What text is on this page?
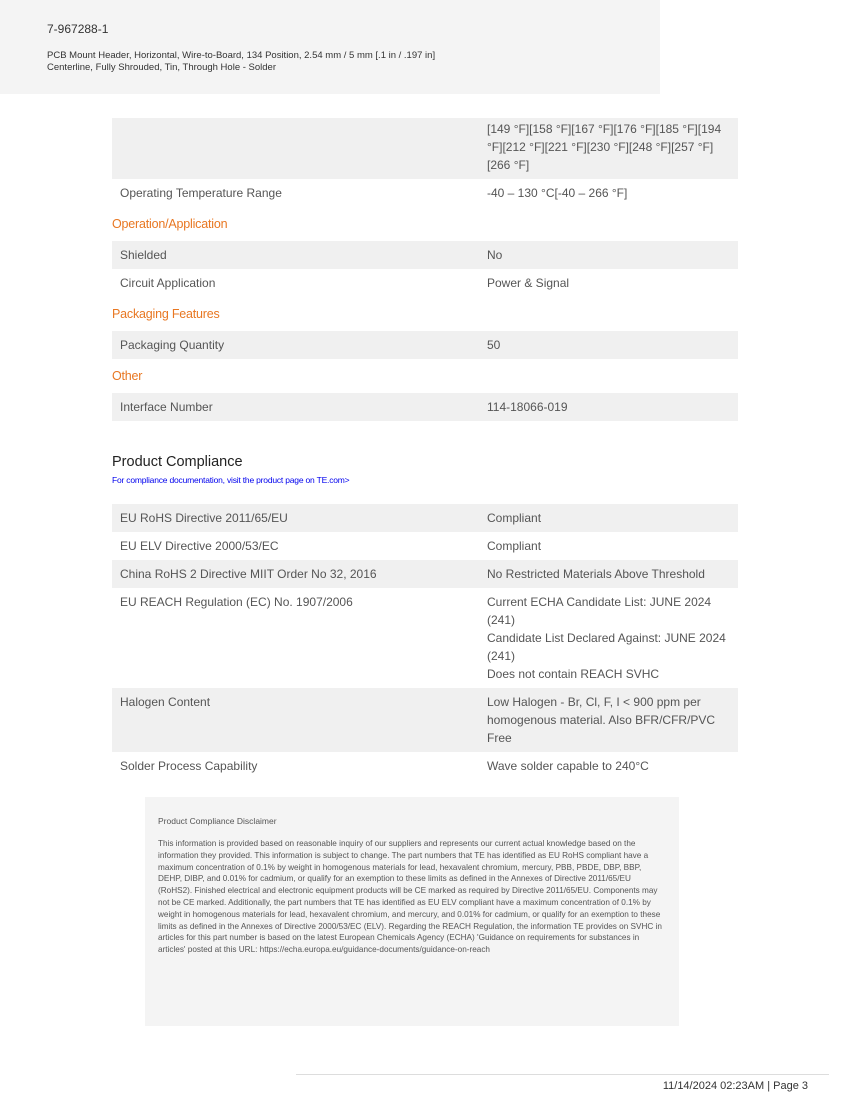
7-967288-1
PCB Mount Header, Horizontal, Wire-to-Board, 134 Position, 2.54 mm / 5 mm [.1 in / .197 in] Centerline, Fully Shrouded, Tin, Through Hole - Solder
[149 °F][158 °F][167 °F][176 °F][185 °F][194 °F][212 °F][221 °F][230 °F][248 °F][257 °F][266 °F]
Operating Temperature Range	-40 – 130 °C[-40 – 266 °F]
Operation/Application
Shielded	No
Circuit Application	Power & Signal
Packaging Features
Packaging Quantity	50
Other
Interface Number	114-18066-019
Product Compliance
For compliance documentation, visit the product page on TE.com>
EU RoHS Directive 2011/65/EU	Compliant
EU ELV Directive 2000/53/EC	Compliant
China RoHS 2 Directive MIIT Order No 32, 2016	No Restricted Materials Above Threshold
EU REACH Regulation (EC) No. 1907/2006	Current ECHA Candidate List: JUNE 2024 (241)
Candidate List Declared Against: JUNE 2024 (241)
Does not contain REACH SVHC
Halogen Content	Low Halogen - Br, Cl, F, I < 900 ppm per homogenous material. Also BFR/CFR/PVC Free
Solder Process Capability	Wave solder capable to 240°C
Product Compliance Disclaimer
This information is provided based on reasonable inquiry of our suppliers and represents our current actual knowledge based on the information they provided. This information is subject to change. The part numbers that TE has identified as EU RoHS compliant have a maximum concentration of 0.1% by weight in homogenous materials for lead, hexavalent chromium, mercury, PBB, PBDE, DBP, BBP, DEHP, DIBP, and 0.01% for cadmium, or qualify for an exemption to these limits as defined in the Annexes of Directive 2011/65/EU (RoHS2). Finished electrical and electronic equipment products will be CE marked as required by Directive 2011/65/EU. Components may not be CE marked. Additionally, the part numbers that TE has identified as EU ELV compliant have a maximum concentration of 0.1% by weight in homogenous materials for lead, hexavalent chromium, and mercury, and 0.01% for cadmium, or qualify for an exemption to these limits as defined in the Annexes of Directive 2000/53/EC (ELV). Regarding the REACH Regulation, the information TE provides on SVHC in articles for this part number is based on the latest European Chemicals Agency (ECHA) 'Guidance on requirements for substances in articles' posted at this URL: https://echa.europa.eu/guidance-documents/guidance-on-reach
11/14/2024 02:23AM | Page 3
